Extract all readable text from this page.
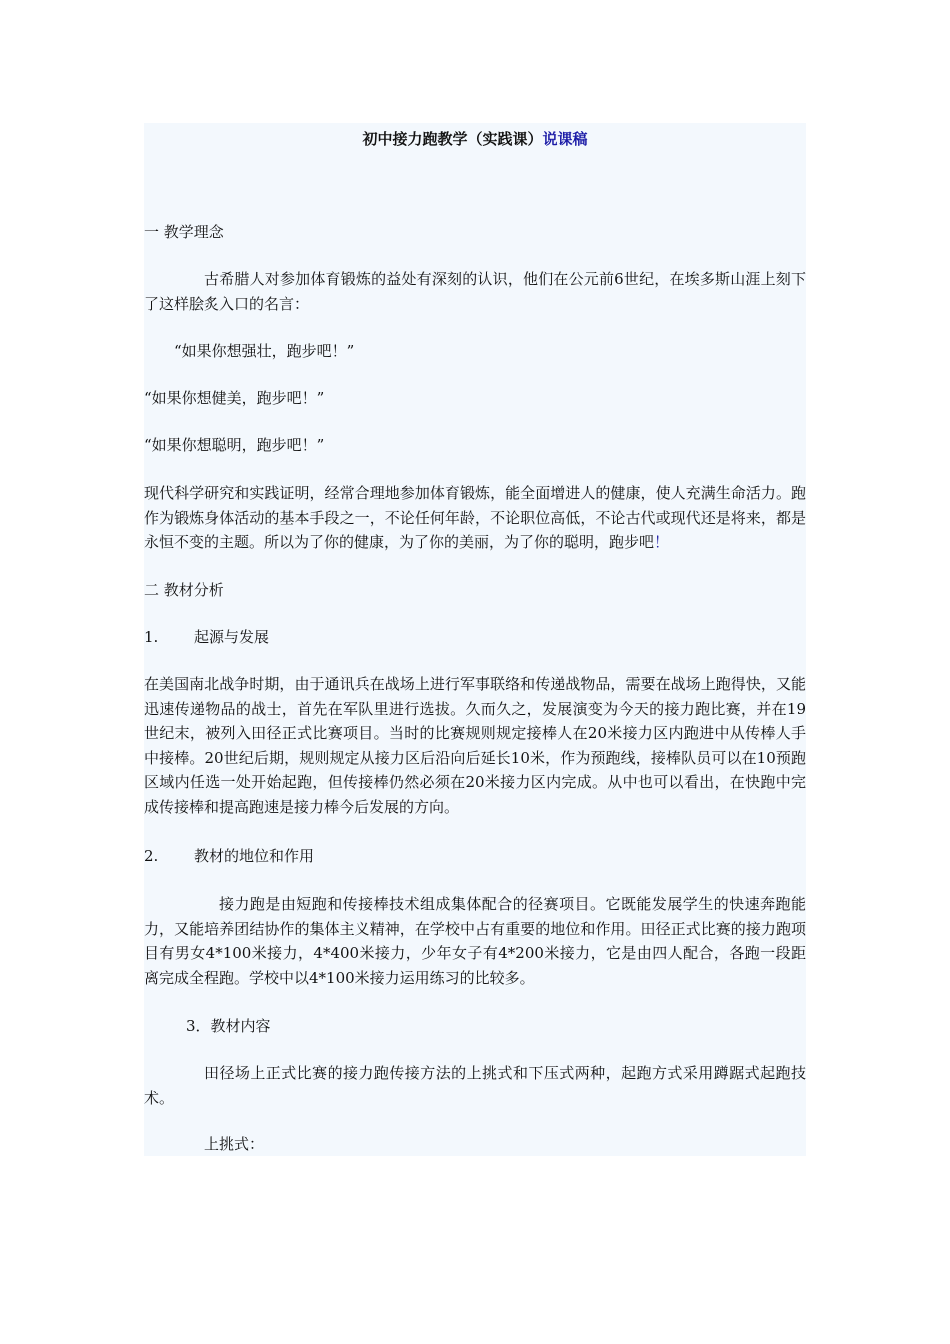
初中接力跑教学（实践课）说课稿
一 教学理念
古希腊人对参加体育锻炼的益处有深刻的认识，他们在公元前6世纪，在埃多斯山涯上刻下了这样脍炙入口的名言：
“如果你想强壮，跑步吧！”
“如果你想健美，跑步吧！”
“如果你想聪明，跑步吧！”
现代科学研究和实践证明，经常合理地参加体育锻炼，能全面增进人的健康，使人充满生命活力。跑作为锻炼身体活动的基本手段之一，不论任何年龄，不论职位高低，不论古代或现代还是将来，都是永恒不变的主题。所以为了你的健康，为了你的美丽，为了你的聪明，跑步吧！
二 教材分析
1. 起源与发展
在美国南北战争时期，由于通讯兵在战场上进行军事联络和传递战物品，需要在战场上跑得快，又能迅速传递物品的战士，首先在军队里进行选拔。久而久之，发展演变为今天的接力跑比赛，并在19世纪末，被列入田径正式比赛项目。当时的比赛规则规定接棒人在20米接力区内跑进中从传棒人手中接棒。20世纪后期，规则规定从接力区后沿向后延长10米，作为预跑线，接棒队员可以在10预跑区域内任选一处开始起跑，但传接棒仍然必须在20米接力区内完成。从中也可以看出，在快跑中完成传接棒和提高跑速是接力棒今后发展的方向。
2. 教材的地位和作用
接力跑是由短跑和传接棒技术组成集体配合的径赛项目。它既能发展学生的快速奔跑能力，又能培养团结协作的集体主义精神，在学校中占有重要的地位和作用。田径正式比赛的接力跑项目有男女4*100米接力，4*400米接力，少年女子有4*200米接力，它是由四人配合，各跑一段距离完成全程跑。学校中以4*100米接力运用练习的比较多。
3．教材内容
田径场上正式比赛的接力跑传接方法的上挑式和下压式两种，起跑方式采用蹲踞式起跑技术。
上挑式：
